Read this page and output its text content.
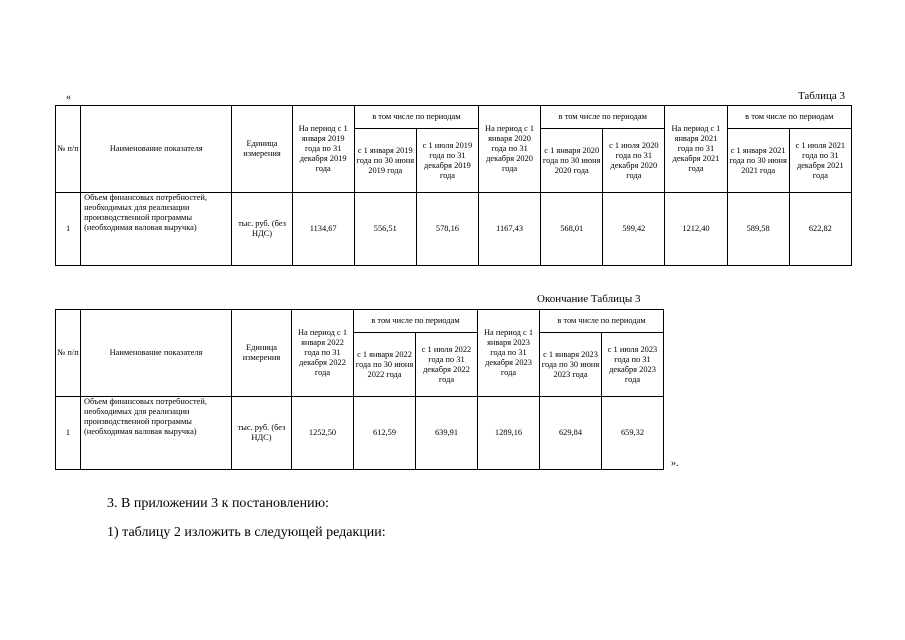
«	Таблица 3
№ п/п	Наименование показателя	Единица измерения	На период с 1 января 2019 года по 31 декабря 2019 года	в том числе по периодам		На период с 1 января 2020 года по 31 декабря 2020 года	в том числе по периодам		На период с 1 января 2021 года по 31 декабря 2021 года	в том числе по периодам	
				с 1 января 2019 года по 30 июня 2019 года	с 1 июля 2019 года по 31 декабря 2019 года		с 1 января 2020 года по 30 июня 2020 года	с 1 июля 2020 года по 31 декабря 2020 года		с 1 января 2021 года по 30 июня 2021 года	с 1 июля 2021 года по 31 декабря 2021 года
1	Объем финансовых потребностей, необходимых для реализации производственной программы (необходимая валовая выручка)	тыс. руб. (без НДС)	1134,67	556,51	578,16	1167,43	568,01	599,42	1212,40	589,58	622,82
Окончание Таблицы 3
№ п/п	Наименование показателя	Единица измерения	На период с 1 января 2022 года по 31 декабря 2022 года	в том числе по периодам		На период с 1 января 2023 года по 31 декабря 2023 года	в том числе по периодам	
				с 1 января 2022 года по 30 июня 2022 года	с 1 июля 2022 года по 31 декабря 2022 года		с 1 января 2023 года по 30 июня 2023 года	с 1 июля 2023 года по 31 декабря 2023 года
1	Объем финансовых потребностей, необходимых для реализации производственной программы (необходимая валовая выручка)	тыс. руб. (без НДС)	1252,50	612,59	639,91	1289,16	629,84	659,32
».
3. В приложении 3 к постановлению:
1) таблицу 2 изложить в следующей редакции:
